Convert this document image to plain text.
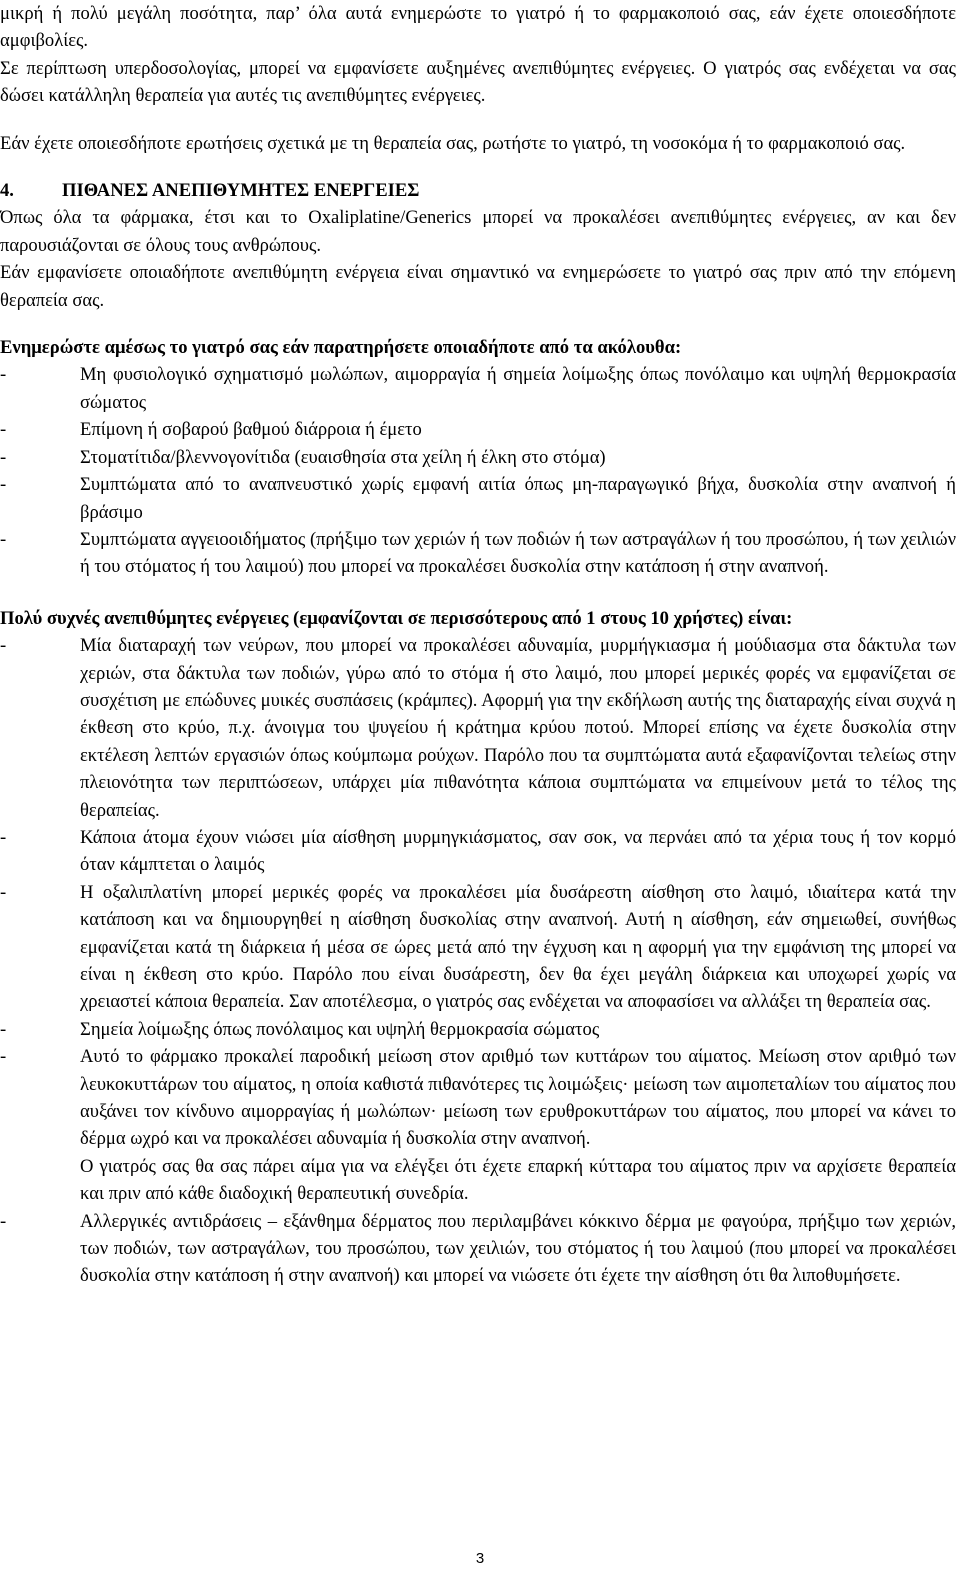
μικρή ή πολύ μεγάλη ποσότητα, παρ’ όλα αυτά ενημερώστε το γιατρό ή το φαρμακοποιό σας, εάν έχετε οποιεσδήποτε αμφιβολίες.

Σε περίπτωση υπερδοσολογίας, μπορεί να εμφανίσετε αυξημένες ανεπιθύμητες ενέργειες. Ο γιατρός σας ενδέχεται να σας δώσει κατάλληλη θεραπεία για αυτές τις ανεπιθύμητες ενέργειες.

Εάν έχετε οποιεσδήποτε ερωτήσεις σχετικά με τη θεραπεία σας, ρωτήστε το γιατρό, τη νοσοκόμα ή το φαρμακοποιό σας.

4.	ΠΙΘΑΝΕΣ ΑΝΕΠΙΘΥΜΗΤΕΣ ΕΝΕΡΓΕΙΕΣ

Όπως όλα τα φάρμακα, έτσι και το Oxaliplatine/Generics μπορεί να προκαλέσει ανεπιθύμητες ενέργειες, αν και δεν παρουσιάζονται σε όλους τους ανθρώπους.

Εάν εμφανίσετε οποιαδήποτε ανεπιθύμητη ενέργεια είναι σημαντικό να ενημερώσετε το γιατρό σας πριν από την επόμενη θεραπεία σας.

Ενημερώστε αμέσως το γιατρό σας εάν παρατηρήσετε οποιαδήποτε από τα ακόλουθα:

-	Μη φυσιολογικό σχηματισμό μωλώπων, αιμορραγία ή σημεία λοίμωξης όπως πονόλαιμο και υψηλή θερμοκρασία σώματος
-	Επίμονη ή σοβαρού βαθμού διάρροια ή έμετο
-	Στοματίτιδα/βλεννογονίτιδα (ευαισθησία στα χείλη ή έλκη στο στόμα)
-	Συμπτώματα από το αναπνευστικό χωρίς εμφανή αιτία όπως μη-παραγωγικό βήχα, δυσκολία στην αναπνοή ή βράσιμο
-	Συμπτώματα αγγειοοιδήματος (πρήξιμο των χεριών ή των ποδιών ή των αστραγάλων ή του προσώπου, ή των χειλιών ή του στόματος ή του λαιμού) που μπορεί να προκαλέσει δυσκολία στην κατάποση ή στην αναπνοή.

Πολύ συχνές ανεπιθύμητες ενέργειες (εμφανίζονται σε περισσότερους από 1 στους 10 χρήστες) είναι:

-	Μία διαταραχή των νεύρων, που μπορεί να προκαλέσει αδυναμία, μυρμήγκιασμα ή μούδιασμα στα δάκτυλα των χεριών, στα δάκτυλα των ποδιών, γύρω από το στόμα ή στο λαιμό, που μπορεί μερικές φορές να εμφανίζεται σε συσχέτιση με επώδυνες μυικές συσπάσεις (κράμπες). Αφορμή για την εκδήλωση αυτής της διαταραχής είναι συχνά η έκθεση στο κρύο, π.χ. άνοιγμα του ψυγείου ή κράτημα κρύου ποτού. Μπορεί επίσης να έχετε δυσκολία στην εκτέλεση λεπτών εργασιών όπως κούμπωμα ρούχων. Παρόλο που τα συμπτώματα αυτά εξαφανίζονται τελείως στην πλειονότητα των περιπτώσεων, υπάρχει μία πιθανότητα κάποια συμπτώματα να επιμείνουν μετά το τέλος της θεραπείας.
-	Κάποια άτομα έχουν νιώσει μία αίσθηση μυρμηγκιάσματος, σαν σοκ, να περνάει από τα χέρια τους ή τον κορμό όταν κάμπτεται ο λαιμός
-	Η οξαλιπλατίνη μπορεί μερικές φορές να προκαλέσει μία δυσάρεστη αίσθηση στο λαιμό, ιδιαίτερα κατά την κατάποση και να δημιουργηθεί η αίσθηση δυσκολίας στην αναπνοή. Αυτή η αίσθηση, εάν σημειωθεί, συνήθως εμφανίζεται κατά τη διάρκεια ή μέσα σε ώρες μετά από την έγχυση και η αφορμή για την εμφάνιση της μπορεί να είναι η έκθεση στο κρύο. Παρόλο που είναι δυσάρεστη, δεν θα έχει μεγάλη διάρκεια και υποχωρεί χωρίς να χρειαστεί κάποια θεραπεία. Σαν αποτέλεσμα, ο γιατρός σας ενδέχεται να αποφασίσει να αλλάξει τη θεραπεία σας.
-	Σημεία λοίμωξης όπως πονόλαιμος και υψηλή θερμοκρασία σώματος
-	Αυτό το φάρμακο προκαλεί παροδική μείωση στον αριθμό των κυττάρων του αίματος. Μείωση στον αριθμό των λευκοκυττάρων του αίματος, η οποία καθιστά πιθανότερες τις λοιμώξεις· μείωση των αιμοπεταλίων του αίματος που αυξάνει τον κίνδυνο αιμορραγίας ή μωλώπων· μείωση των ερυθροκυττάρων του αίματος, που μπορεί να κάνει το δέρμα ωχρό και να προκαλέσει αδυναμία ή δυσκολία στην αναπνοή.

Ο γιατρός σας θα σας πάρει αίμα για να ελέγξει ότι έχετε επαρκή κύτταρα του αίματος πριν να αρχίσετε θεραπεία και πριν από κάθε διαδοχική θεραπευτική συνεδρία.

-	Αλλεργικές αντιδράσεις – εξάνθημα δέρματος που περιλαμβάνει κόκκινο δέρμα με φαγούρα, πρήξιμο των χεριών, των ποδιών, των αστραγάλων, του προσώπου, των χειλιών, του στόματος ή του λαιμού (που μπορεί να προκαλέσει δυσκολία στην κατάποση ή στην αναπνοή) και μπορεί να νιώσετε ότι έχετε την αίσθηση ότι θα λιποθυμήσετε.
3
